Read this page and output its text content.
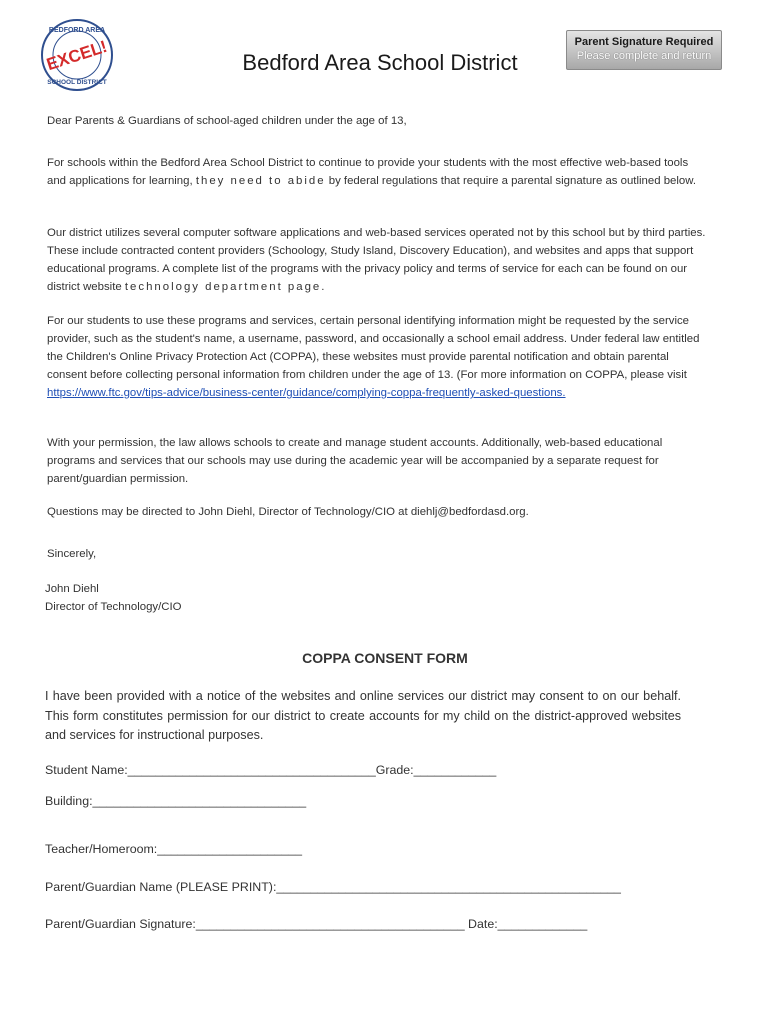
BEDFORD AREA
EXCEL!
SCHOOL DISTRICT
Bedford Area School District
Parent Signature Required
Please complete and return
Dear Parents & Guardians of school-aged children under the age of 13,
For schools within the Bedford Area School District to continue to provide your students with the most effective web-based tools and applications for learning, they need to abide by federal regulations that require a parental signature as outlined below.
Our district utilizes several computer software applications and web-based services operated not by this school but by third parties. These include contracted content providers (Schoology, Study Island, Discovery Education), and websites and apps that support educational programs. A complete list of the programs with the privacy policy and terms of service for each can be found on our district website technology department page.
For our students to use these programs and services, certain personal identifying information might be requested by the service provider, such as the student's name, a username, password, and occasionally a school email address. Under federal law entitled the Children's Online Privacy Protection Act (COPPA), these websites must provide parental notification and obtain parental consent before collecting personal information from children under the age of 13. (For more information on COPPA, please visit https://www.ftc.gov/tips-advice/business-center/guidance/complying-coppa-frequently-asked-questions.
With your permission, the law allows schools to create and manage student accounts. Additionally, web-based educational programs and services that our schools may use during the academic year will be accompanied by a separate request for parent/guardian permission.
Questions may be directed to John Diehl, Director of Technology/CIO at diehlj@bedfordasd.org.
Sincerely,
John Diehl
Director of Technology/CIO
COPPA CONSENT FORM
I have been provided with a notice of the websites and online services our district may consent to on our behalf. This form constitutes permission for our district to create accounts for my child on the district-approved websites and services for instructional purposes.
Student Name:____________________________________Grade:____________
Building:_______________________________
Teacher/Homeroom:_____________________
Parent/Guardian Name (PLEASE PRINT):__________________________________________________
Parent/Guardian Signature:_______________________________________ Date:_____________
